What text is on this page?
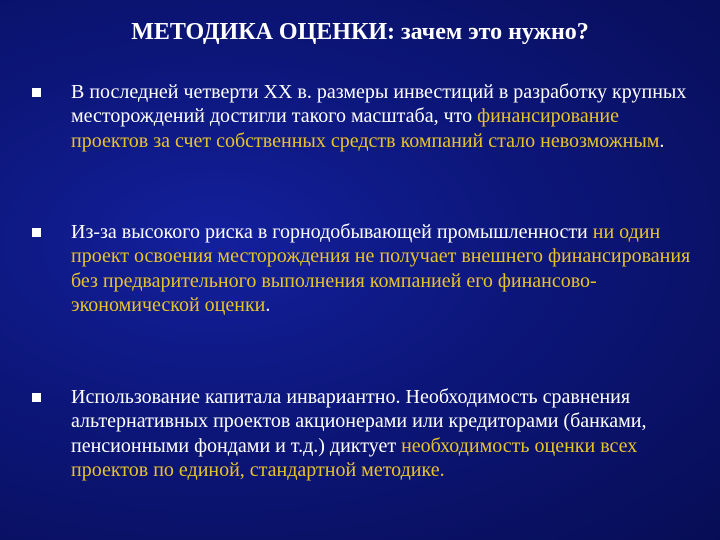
МЕТОДИКА ОЦЕНКИ: зачем это нужно?
В последней четверти XX в. размеры инвестиций в разработку крупных месторождений достигли такого масштаба, что финансирование проектов за счет собственных средств компаний стало невозможным.
Из-за высокого риска в горнодобывающей промышленности ни один проект освоения месторождения не получает внешнего финансирования без предварительного выполнения компанией его финансово-экономической оценки.
Использование капитала инвариантно. Необходимость сравнения альтернативных проектов акционерами или кредиторами (банками, пенсионными фондами и т.д.) диктует необходимость оценки всех проектов по единой, стандартной методике.
